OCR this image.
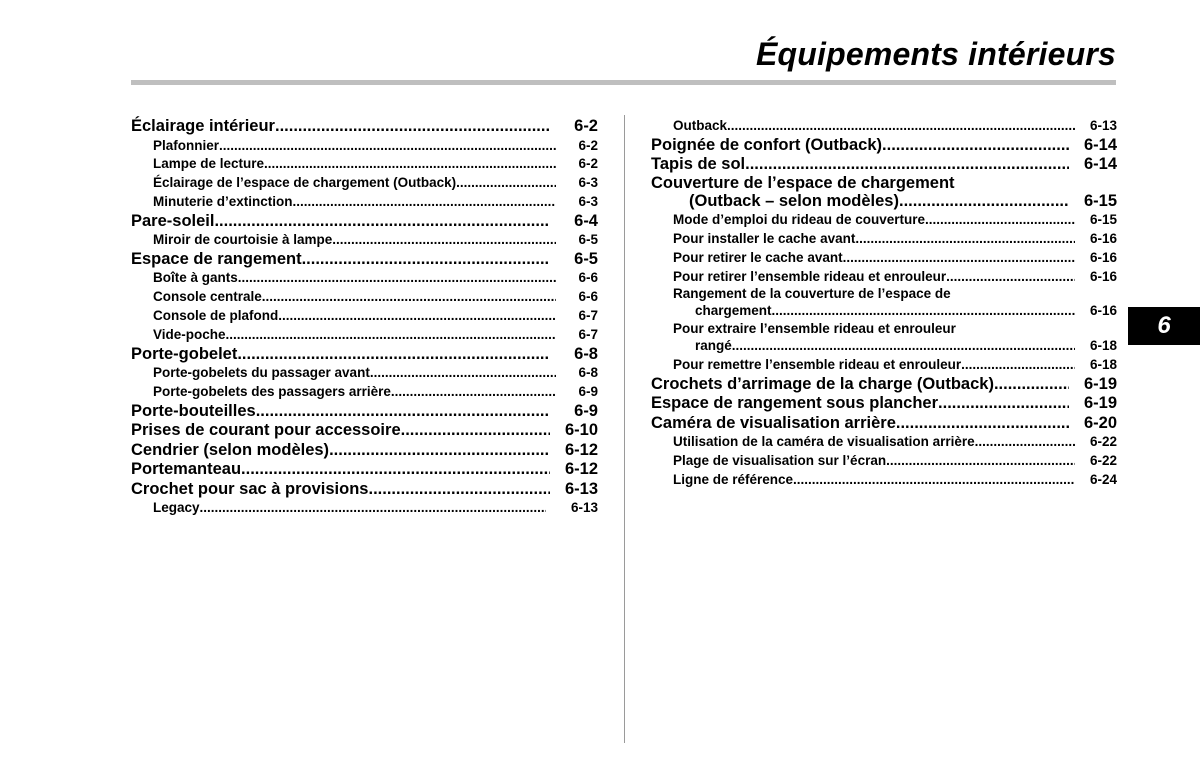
Équipements intérieurs
6
Éclairage intérieur .....	6-2
Plafonnier .....	6-2
Lampe de lecture .....	6-2
Éclairage de l’espace de chargement (Outback) .....	6-3
Minuterie d’extinction .....	6-3
Pare-soleil .....	6-4
Miroir de courtoisie à lampe .....	6-5
Espace de rangement .....	6-5
Boîte à gants .....	6-6
Console centrale .....	6-6
Console de plafond .....	6-7
Vide-poche .....	6-7
Porte-gobelet .....	6-8
Porte-gobelets du passager avant .....	6-8
Porte-gobelets des passagers arrière .....	6-9
Porte-bouteilles .....	6-9
Prises de courant pour accessoire .....	6-10
Cendrier (selon modèles) .....	6-12
Portemanteau .....	6-12
Crochet pour sac à provisions .....	6-13
Legacy .....	6-13
Outback .....	6-13
Poignée de confort (Outback) .....	6-14
Tapis de sol .....	6-14
Couverture de l’espace de chargement
(Outback – selon modèles) .....	6-15
Mode d’emploi du rideau de couverture .....	6-15
Pour installer le cache avant .....	6-16
Pour retirer le cache avant .....	6-16
Pour retirer l’ensemble rideau et enrouleur .....	6-16
Rangement de la couverture de l’espace de
chargement .....	6-16
Pour extraire l’ensemble rideau et enrouleur
rangé .....	6-18
Pour remettre l’ensemble rideau et enrouleur .....	6-18
Crochets d’arrimage de la charge (Outback) .....	6-19
Espace de rangement sous plancher .....	6-19
Caméra de visualisation arrière .....	6-20
Utilisation de la caméra de visualisation arrière .....	6-22
Plage de visualisation sur l’écran .....	6-22
Ligne de référence .....	6-24
